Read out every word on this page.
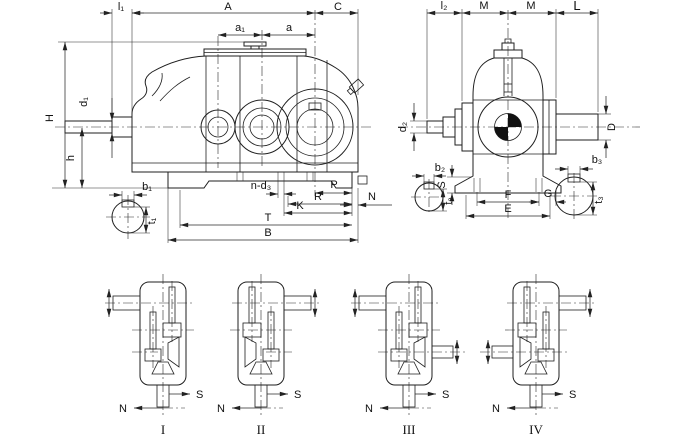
l₁	A	C
a₁	a
H
h
d₁
b₁
t₁
n-d₃	P
R	N
K
T
B
l₂	M	M	L
d₂	D
S
F	G
E
b₂
t₂
b₃
t₃
S
N
I
S
N
II
S
N
III
S
N
IV
